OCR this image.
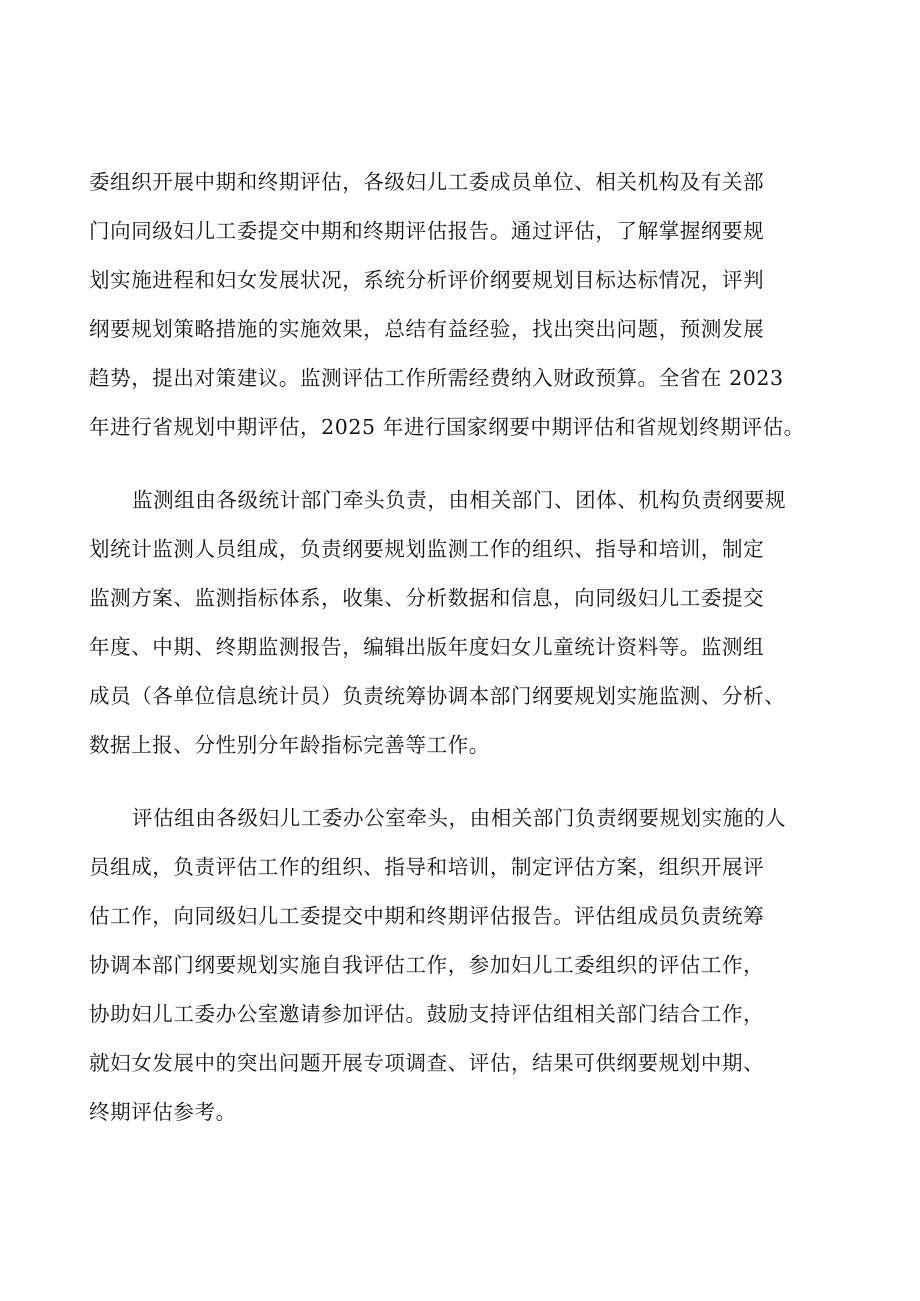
委组织开展中期和终期评估，各级妇儿工委成员单位、相关机构及有关部
门向同级妇儿工委提交中期和终期评估报告。通过评估，了解掌握纲要规
划实施进程和妇女发展状况，系统分析评价纲要规划目标达标情况，评判
纲要规划策略措施的实施效果，总结有益经验，找出突出问题，预测发展
趋势，提出对策建议。监测评估工作所需经费纳入财政预算。全省在 2023
年进行省规划中期评估，2025 年进行国家纲要中期评估和省规划终期评估。

监测组由各级统计部门牵头负责，由相关部门、团体、机构负责纲要规
划统计监测人员组成，负责纲要规划监测工作的组织、指导和培训，制定
监测方案、监测指标体系，收集、分析数据和信息，向同级妇儿工委提交
年度、中期、终期监测报告，编辑出版年度妇女儿童统计资料等。监测组
成员（各单位信息统计员）负责统筹协调本部门纲要规划实施监测、分析、
数据上报、分性别分年龄指标完善等工作。

评估组由各级妇儿工委办公室牵头，由相关部门负责纲要规划实施的人
员组成，负责评估工作的组织、指导和培训，制定评估方案，组织开展评
估工作，向同级妇儿工委提交中期和终期评估报告。评估组成员负责统筹
协调本部门纲要规划实施自我评估工作，参加妇儿工委组织的评估工作，
协助妇儿工委办公室邀请参加评估。鼓励支持评估组相关部门结合工作，
就妇女发展中的突出问题开展专项调查、评估，结果可供纲要规划中期、
终期评估参考。
